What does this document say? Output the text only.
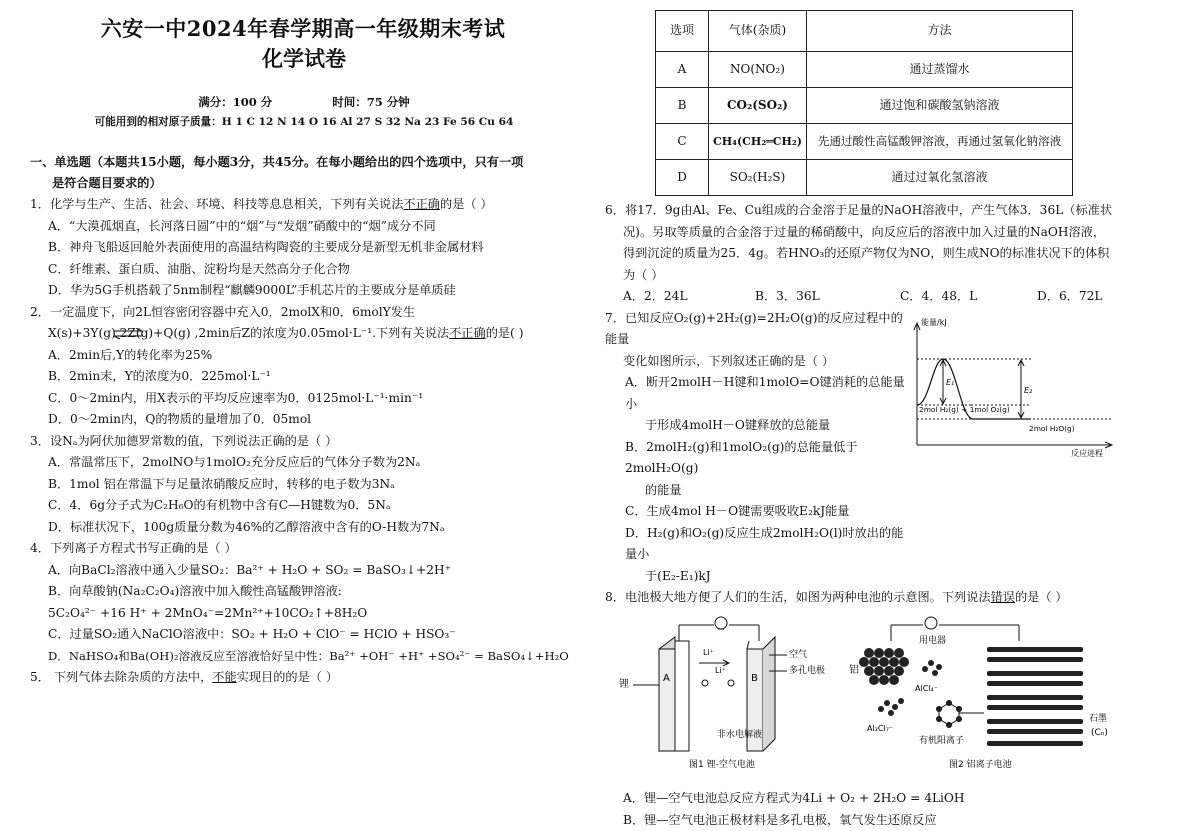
六安一中2024年春学期高一年级期末考试
化学试卷
满分：100 分	时间：75 分钟
可能用到的相对原子质量：H 1 C 12 N 14 O 16 Al 27 S 32 Na 23 Fe 56 Cu 64
一、单选题（本题共15小题，每小题3分，共45分。在每小题给出的四个选项中，只有一项
是符合题目要求的）
1．化学与生产、生活、社会、环境、科技等息息相关，下列有关说法不正确的是（ ）
A．“大漠孤烟直，长河落日圆”中的“烟”与“发烟”硝酸中的“烟”成分不同
B．神舟飞船返回舱外表面使用的高温结构陶瓷的主要成分是新型无机非金属材料
C．纤维素、蛋白质、油脂、淀粉均是天然高分子化合物
D．华为5G手机搭载了5nm制程“麒麟9000L”手机芯片的主要成分是单质硅
2．一定温度下，向2L恒容密闭容器中充入0．2molX和0．6molY发生
X(s)+3Y(g) 2Z(g)+Q(g) ,2min后Z的浓度为0.05mol·L⁻¹.下列有关说法不正确的是( )
A．2min后,Y的转化率为25%
B．2min末，Y的浓度为0．225mol·L⁻¹
C．0～2min内，用X表示的平均反应速率为0．0125mol·L⁻¹·min⁻¹
D．0～2min内，Q的物质的量增加了0．05mol
3．设Nₐ为阿伏加德罗常数的值，下列说法正确的是（ ）
A．常温常压下，2molNO与1molO₂充分反应后的气体分子数为2Nₐ
B．1mol 铝在常温下与足量浓硝酸反应时，转移的电子数为3Nₐ
C．4．6g分子式为C₂H₆O的有机物中含有C—H键数为0．5Nₐ
D．标准状况下，100g质量分数为46%的乙醇溶液中含有的O-H数为7Nₐ
4．下列离子方程式书写正确的是（ ）
A．向BaCl₂溶液中通入少量SO₂：Ba²⁺ + H₂O + SO₂ = BaSO₃↓+2H⁺
B．向草酸钠(Na₂C₂O₄)溶液中加入酸性高锰酸钾溶液:
5C₂O₄²⁻ +16 H⁺ + 2MnO₄⁻=2Mn²⁺+10CO₂↑+8H₂O
C．过量SO₂通入NaClO溶液中：SO₂ + H₂O + ClO⁻ = HClO + HSO₃⁻
D．NaHSO₄和Ba(OH)₂溶液反应至溶液恰好呈中性：Ba²⁺ +OH⁻ +H⁺ +SO₄²⁻ = BaSO₄↓+H₂O
5． 下列气体去除杂质的方法中，不能实现目的的是（ ）
选项	气体(杂质)	方法
A	NO(NO₂)	通过蒸馏水
B	CO₂(SO₂)	通过饱和碳酸氢钠溶液
C	CH₄(CH₂═CH₂)	先通过酸性高锰酸钾溶液，再通过氢氧化钠溶液
D	SO₂(H₂S)	通过过氧化氢溶液
6．将17．9g由Al、Fe、Cu组成的合金溶于足量的NaOH溶液中，产生气体3．36L（标准状
况)。另取等质量的合金溶于过量的稀硝酸中，向反应后的溶液中加入过量的NaOH溶液，
得到沉淀的质量为25．4g。若HNO₃的还原产物仅为NO，则生成NO的标准状况下的体积
为（ ）
A．2．24L	B．3．36L	C．4．48．L	D．6．72L
7．已知反应O₂(g)+2H₂(g)=2H₂O(g)的反应过程中的能量
变化如图所示，下列叙述正确的是（ ）
A．断开2molH－H键和1molO=O键消耗的总能量小
于形成4molH－O键释放的总能量
B．2molH₂(g)和1molO₂(g)的总能量低于2molH₂O(g)
的能量
C．生成4mol H－O键需要吸收E₂kJ能量
D．H₂(g)和O₂(g)反应生成2molH₂O(l)时放出的能量小
于(E₂-E₁)kJ
能量/kJ
反应进程
E₁
E₂
2mol H₂(g) + 1mol O₂(g)
2mol H₂O(g)
8．电池极大地方便了人们的生活，如图为两种电池的示意图。下列说法错误的是（ ）
A	B
Li⁺
Li⁺
锂
空气
多孔电极
非水电解液
图1 锂-空气电池
用电器
铝
AlCl₄⁻
Al₂Cl₇⁻
有机阳离子
石墨
(Cₙ)
图2 铝离子电池
A．锂—空气电池总反应方程式为4Li + O₂ + 2H₂O = 4LiOH
B．锂—空气电池正极材料是多孔电极，氧气发生还原反应
